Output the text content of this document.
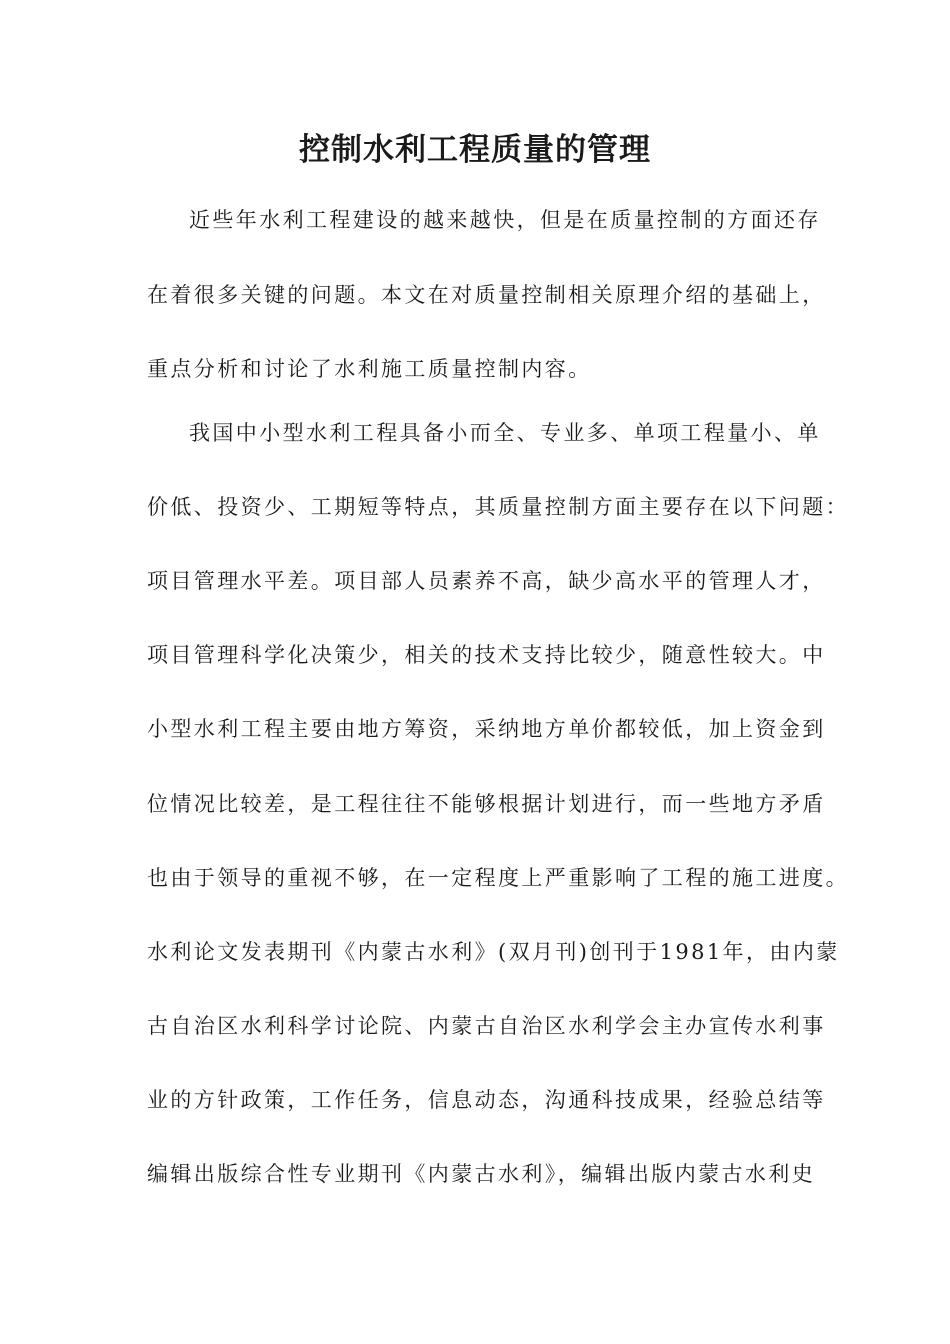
控制水利工程质量的管理
近些年水利工程建设的越来越快，但是在质量控制的方面还存
在着很多关键的问题。本文在对质量控制相关原理介绍的基础上，
重点分析和讨论了水利施工质量控制内容。
我国中小型水利工程具备小而全、专业多、单项工程量小、单
价低、投资少、工期短等特点，其质量控制方面主要存在以下问题：
项目管理水平差。项目部人员素养不高，缺少高水平的管理人才，
项目管理科学化决策少，相关的技术支持比较少，随意性较大。中
小型水利工程主要由地方筹资，采纳地方单价都较低，加上资金到
位情况比较差，是工程往往不能够根据计划进行，而一些地方矛盾
也由于领导的重视不够，在一定程度上严重影响了工程的施工进度。
水利论文发表期刊《内蒙古水利》(双月刊)创刊于1981年，由内蒙
古自治区水利科学讨论院、内蒙古自治区水利学会主办宣传水利事
业的方针政策，工作任务，信息动态，沟通科技成果，经验总结等
编辑出版综合性专业期刊《内蒙古水利》，编辑出版内蒙古水利史
